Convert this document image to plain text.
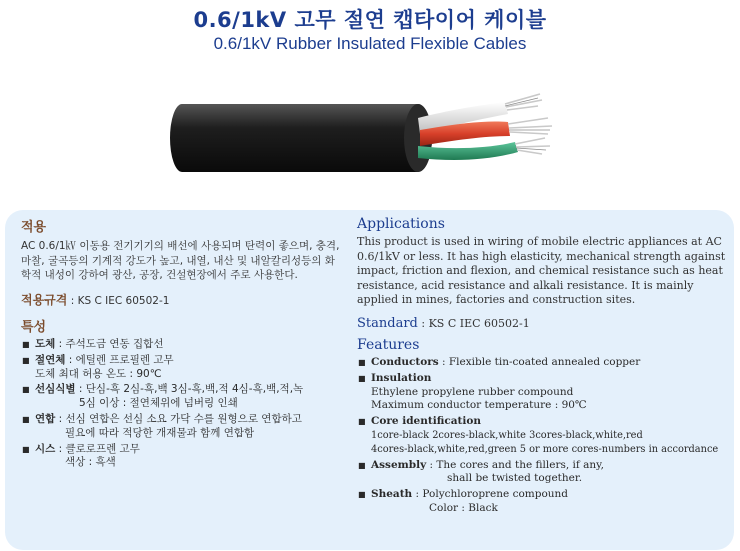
0.6/1kV 고무 절연 캡타이어 케이블
0.6/1kV Rubber Insulated Flexible Cables
적용
AC 0.6/1㎸ 이동용 전기기기의 배선에 사용되며 탄력이 좋으며, 충격, 마찰, 굴곡등의 기계적 강도가 높고, 내열, 내산 및 내알칼리성등의 화학적 내성이 강하여 광산, 공장, 건설현장에서 주로 사용한다.
적용규격 : KS C IEC 60502-1
특성
■ 도체 : 주석도금 연동 집합선
■ 절연체 : 에틸렌 프로필렌 고무
도체 최대 허용 온도 : 90℃
■ 선심식별 : 단심-흑 2심-흑,백 3심-흑,백,적 4심-흑,백,적,녹
5심 이상 : 절연체위에 넘버링 인쇄
■ 연합 : 선심 연합은 선심 소요 가닥 수를 원형으로 연합하고
필요에 따라 적당한 개재물과 함께 연합함
■ 시스 : 클로로프렌 고무
색상 : 흑색
Applications
This product is used in wiring of mobile electric appliances at AC 0.6/1kV or less. It has high elasticity, mechanical strength against impact, friction and flexion, and chemical resistance such as heat resistance, acid resistance and alkali resistance. It is mainly applied in mines, factories and construction sites.
Standard : KS C IEC 60502-1
Features
■ Conductors : Flexible tin-coated annealed copper
■ Insulation
Ethylene propylene rubber compound
Maximum conductor temperature : 90℃
■ Core identification
1core-black 2cores-black,white 3cores-black,white,red
4cores-black,white,red,green 5 or more cores-numbers in accordance
■ Assembly : The cores and the fillers, if any,
shall be twisted together.
■ Sheath : Polychloroprene compound
Color : Black
